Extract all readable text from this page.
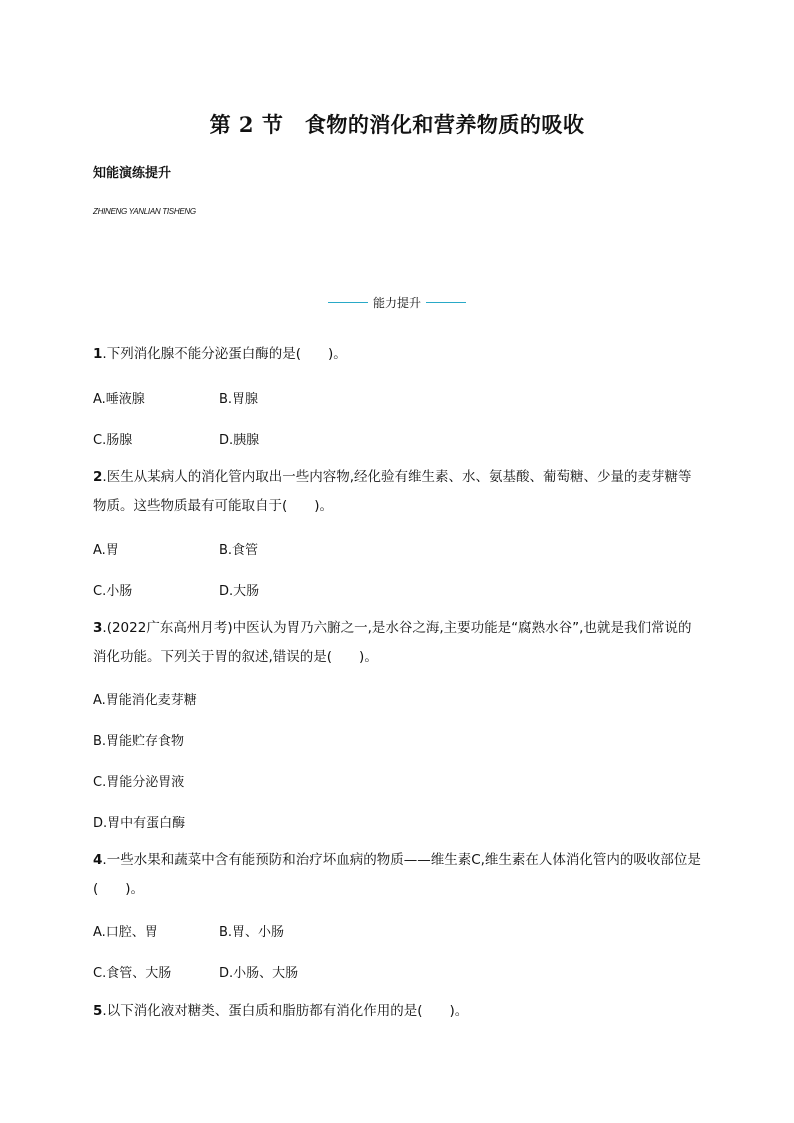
第 2 节　食物的消化和营养物质的吸收
知能演练提升
ZHINENG YANLIAN TISHENG
能力提升
1.下列消化腺不能分泌蛋白酶的是(　　)。
A.唾液腺	B.胃腺
C.肠腺	D.胰腺
2.医生从某病人的消化管内取出一些内容物,经化验有维生素、水、氨基酸、葡萄糖、少量的麦芽糖等物质。这些物质最有可能取自于(　　)。
A.胃	B.食管
C.小肠	D.大肠
3.(2022广东高州月考)中医认为胃乃六腑之一,是水谷之海,主要功能是“腐熟水谷”,也就是我们常说的消化功能。下列关于胃的叙述,错误的是(　　)。
A.胃能消化麦芽糖
B.胃能贮存食物
C.胃能分泌胃液
D.胃中有蛋白酶
4.一些水果和蔬菜中含有能预防和治疗坏血病的物质——维生素C,维生素在人体消化管内的吸收部位是(　　)。
A.口腔、胃	B.胃、小肠
C.食管、大肠	D.小肠、大肠
5.以下消化液对糖类、蛋白质和脂肪都有消化作用的是(　　)。
